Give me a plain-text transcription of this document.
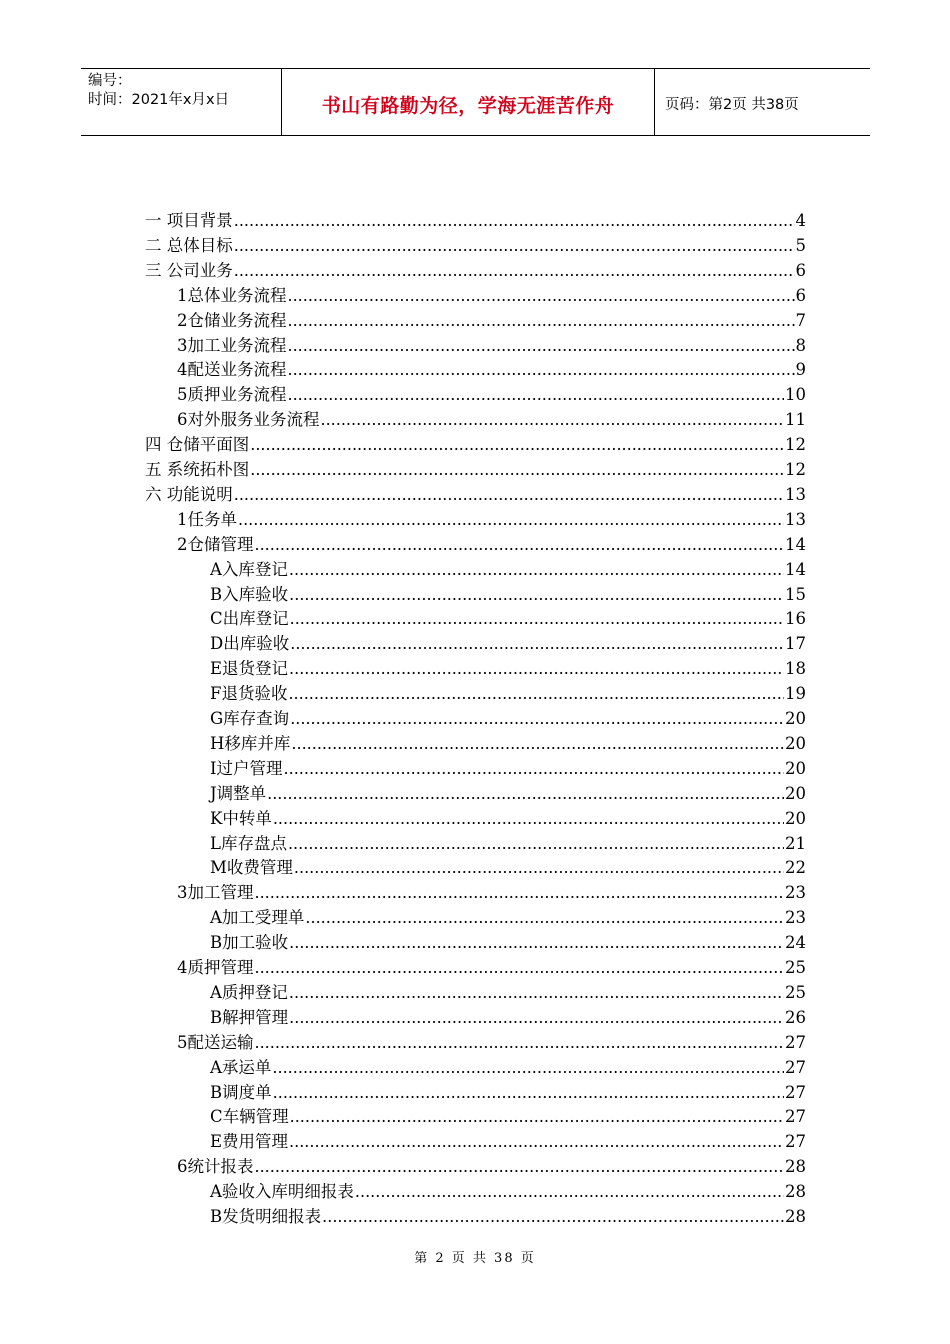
编号：
时间：2021年x月x日	书山有路勤为径，学海无涯苦作舟	页码：第2页 共38页
一 项目背景 .....	4
二 总体目标 .....	5
三 公司业务 .....	6
1总体业务流程 .....	6
2仓储业务流程 .....	7
3加工业务流程 .....	8
4配送业务流程 .....	9
5质押业务流程 .....	10
6对外服务业务流程 .....	11
四 仓储平面图 .....	12
五 系统拓朴图 .....	12
六 功能说明 .....	13
1任务单 .....	13
2仓储管理 .....	14
A入库登记 .....	14
B入库验收 .....	15
C出库登记 .....	16
D出库验收 .....	17
E退货登记 .....	18
F退货验收 .....	19
G库存查询 .....	20
H移库并库 .....	20
I过户管理 .....	20
J调整单 .....	20
K中转单 .....	20
L库存盘点 .....	21
M收费管理 .....	22
3加工管理 .....	23
A加工受理单 .....	23
B加工验收 .....	24
4质押管理 .....	25
A质押登记 .....	25
B解押管理 .....	26
5配送运输 .....	27
A承运单 .....	27
B调度单 .....	27
C车辆管理 .....	27
E费用管理 .....	27
6统计报表 .....	28
A验收入库明细报表 .....	28
B发货明细报表 .....	28
第 2 页 共 38 页
